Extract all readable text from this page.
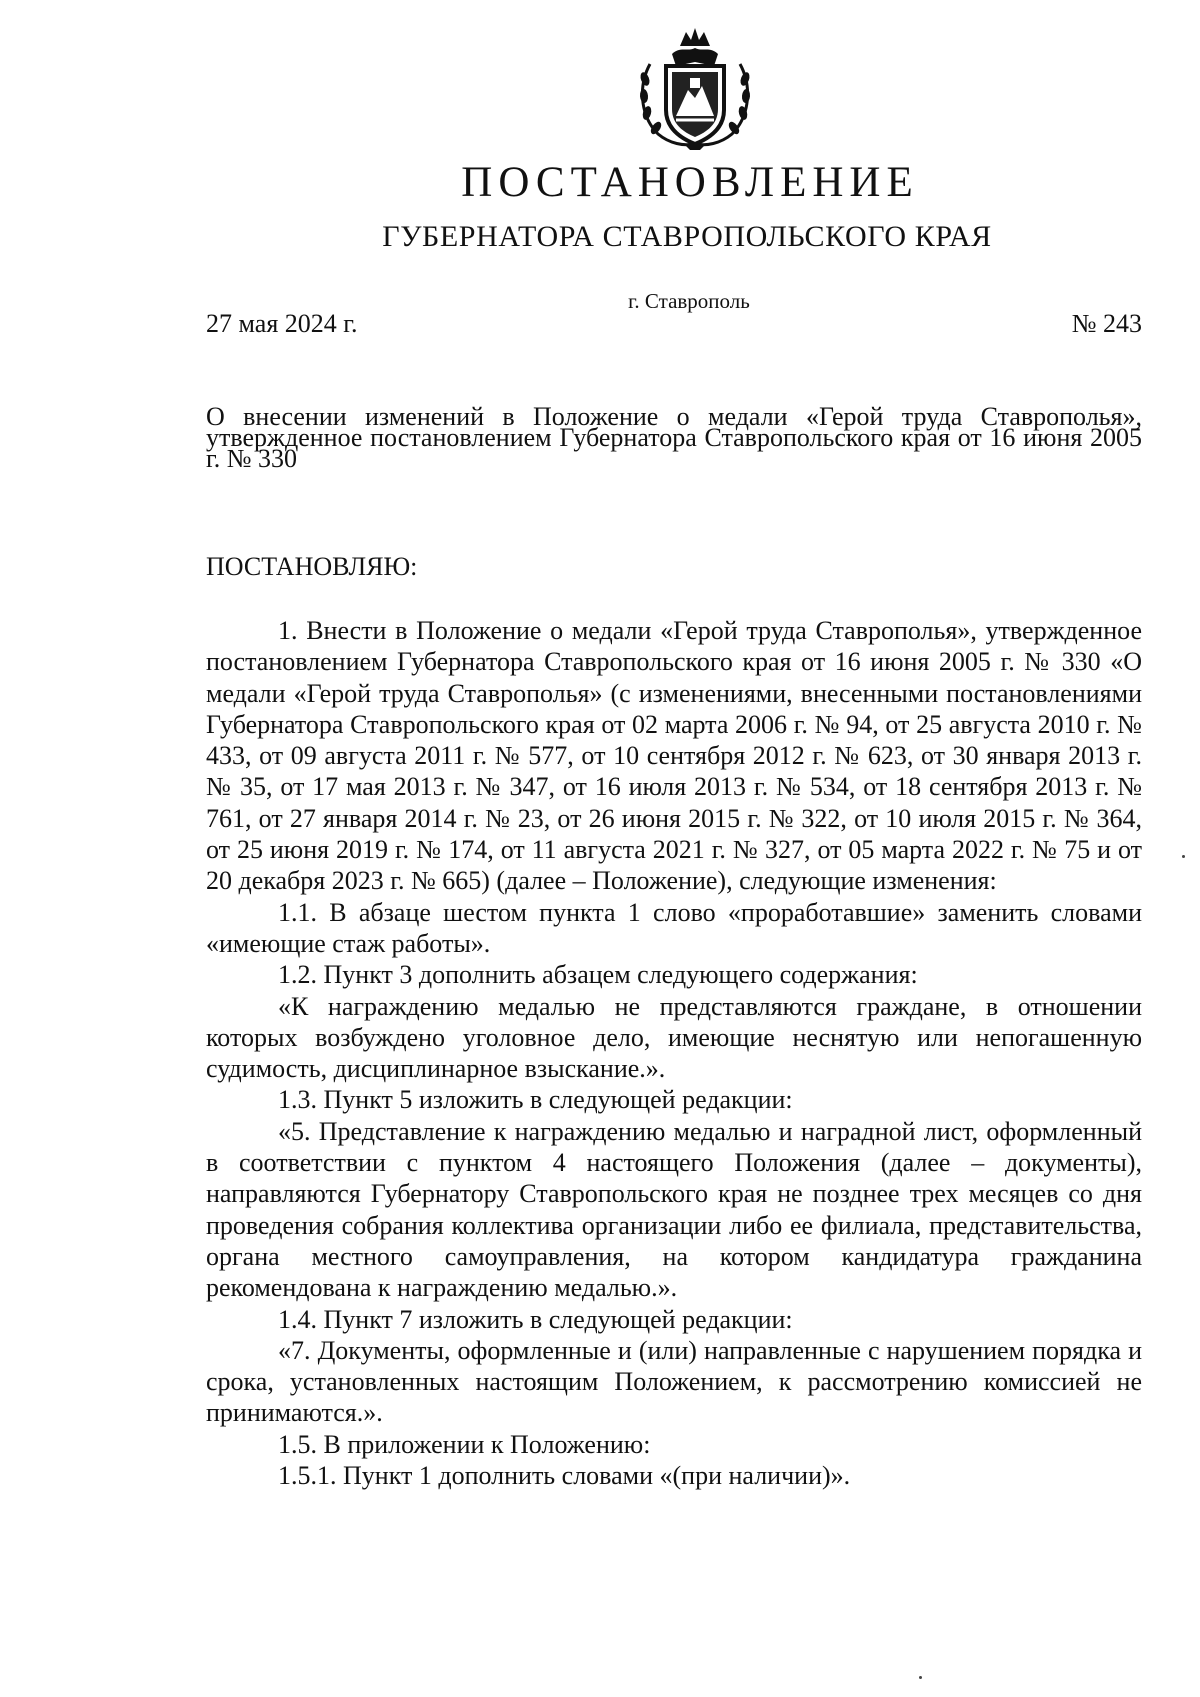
ПОСТАНОВЛЕНИЕ
ГУБЕРНАТОРА СТАВРОПОЛЬСКОГО КРАЯ
г. Ставрополь
27 мая 2024 г.	№ 243

О внесении изменений в Положение о медали «Герой труда Ставрополья», утвержденное постановлением Губернатора Ставропольского края от 16 июня 2005 г. № 330

ПОСТАНОВЛЯЮ:

1. Внести в Положение о медали «Герой труда Ставрополья», утвержденное постановлением Губернатора Ставропольского края от 16 июня 2005 г. № 330 «О медали «Герой труда Ставрополья» (с изменениями, внесенными постановлениями Губернатора Ставропольского края от 02 марта 2006 г. № 94, от 25 августа 2010 г. № 433, от 09 августа 2011 г. № 577, от 10 сентября 2012 г. № 623, от 30 января 2013 г. № 35, от 17 мая 2013 г. № 347, от 16 июля 2013 г. № 534, от 18 сентября 2013 г. № 761, от 27 января 2014 г. № 23, от 26 июня 2015 г. № 322, от 10 июля 2015 г. № 364, от 25 июня 2019 г. № 174, от 11 августа 2021 г. № 327, от 05 марта 2022 г. № 75 и от 20 декабря 2023 г. № 665) (далее – Положение), следующие изменения:

1.1. В абзаце шестом пункта 1 слово «проработавшие» заменить словами «имеющие стаж работы».

1.2. Пункт 3 дополнить абзацем следующего содержания:

«К награждению медалью не представляются граждане, в отношении которых возбуждено уголовное дело, имеющие неснятую или непогашенную судимость, дисциплинарное взыскание.».

1.3. Пункт 5 изложить в следующей редакции:

«5. Представление к награждению медалью и наградной лист, оформленный в соответствии с пунктом 4 настоящего Положения (далее – документы), направляются Губернатору Ставропольского края не позднее трех месяцев со дня проведения собрания коллектива организации либо ее филиала, представительства, органа местного самоуправления, на котором кандидатура гражданина рекомендована к награждению медалью.».

1.4. Пункт 7 изложить в следующей редакции:

«7. Документы, оформленные и (или) направленные с нарушением порядка и срока, установленных настоящим Положением, к рассмотрению комиссией не принимаются.».

1.5. В приложении к Положению:

1.5.1. Пункт 1 дополнить словами «(при наличии)».
